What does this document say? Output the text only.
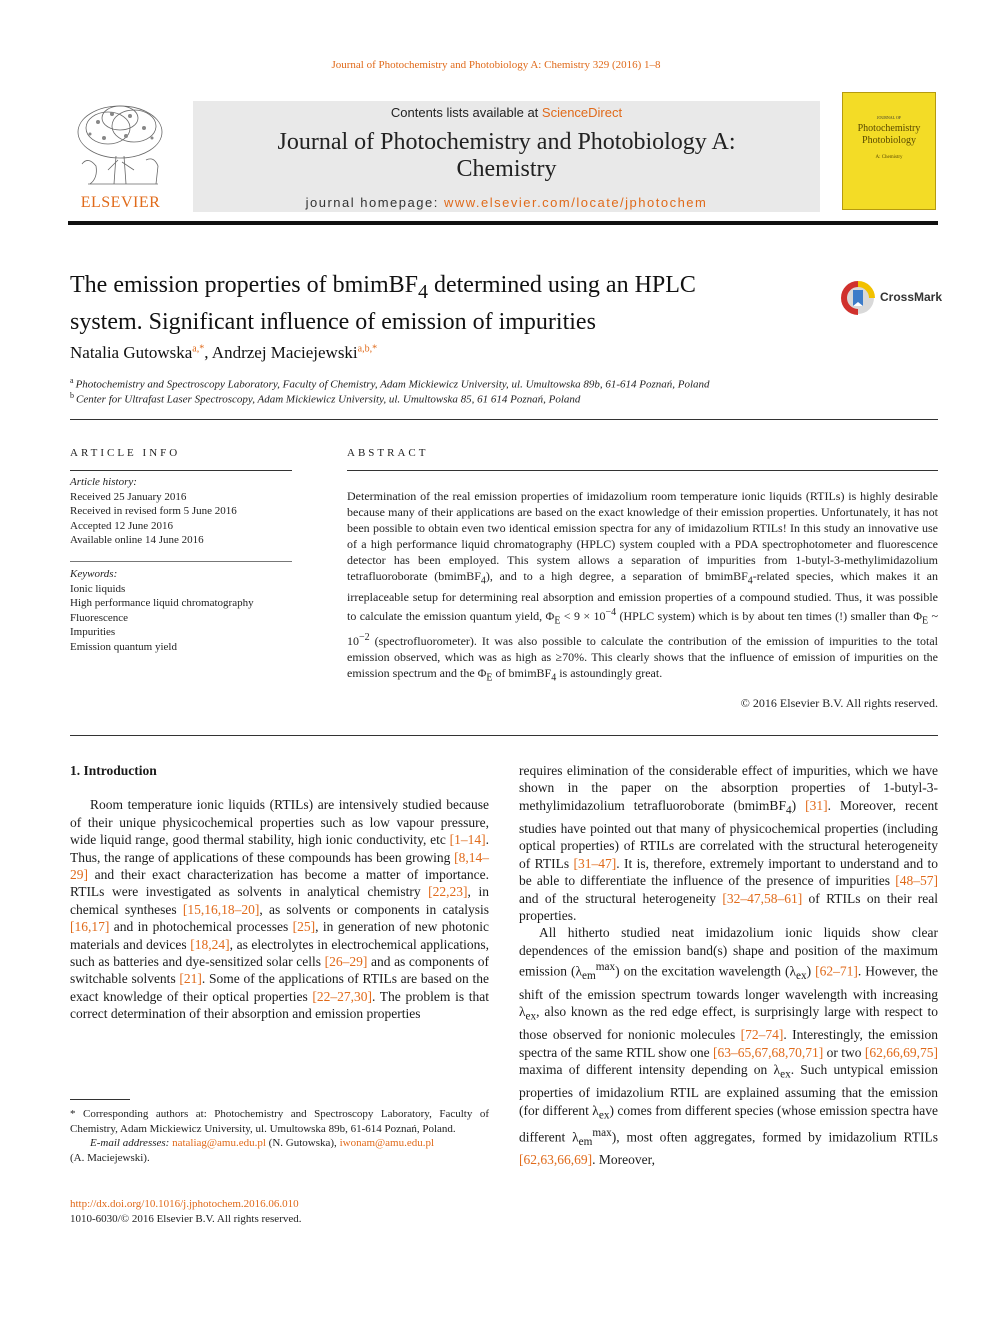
Journal of Photochemistry and Photobiology A: Chemistry 329 (2016) 1–8
ELSEVIER
Contents lists available at ScienceDirect
Journal of Photochemistry and Photobiology A:
Chemistry
journal homepage: www.elsevier.com/locate/jphotochem
JOURNAL OF
Photochemistry
Photobiology
A: Chemistry
The emission properties of bmimBF$_4$ determined using an HPLC
system. Significant influence of emission of impurities
CrossMark
Natalia Gutowska$^{a,*}$, Andrzej Maciejewski$^{a,b,*}$
$^a$ Photochemistry and Spectroscopy Laboratory, Faculty of Chemistry, Adam Mickiewicz University, ul. Umultowska 89b, 61-614 Poznań, Poland
$^b$ Center for Ultrafast Laser Spectroscopy, Adam Mickiewicz University, ul. Umultowska 85, 61 614 Poznań, Poland
ARTICLE INFO
Article history:
Received 25 January 2016
Received in revised form 5 June 2016
Accepted 12 June 2016
Available online 14 June 2016
Keywords:
Ionic liquids
High performance liquid chromatography
Fluorescence
Impurities
Emission quantum yield
ABSTRACT
Determination of the real emission properties of imidazolium room temperature ionic liquids (RTILs) is highly desirable because many of their applications are based on the exact knowledge of their emission properties. Unfortunately, it has not been possible to obtain even two identical emission spectra for any of imidazolium RTILs! In this study an innovative use of a high performance liquid chromatography (HPLC) system coupled with a PDA spectrophotometer and fluorescence detector has been employed. This system allows a separation of impurities from 1-butyl-3-methylimidazolium tetrafluoroborate (bmimBF$_4$), and to a high degree, a separation of bmimBF$_4$-related species, which makes it an irreplaceable setup for determining real absorption and emission properties of a compound studied. Thus, it was possible to calculate the emission quantum yield, $\Phi_E < 9 \times 10^{-4}$ (HPLC system) which is by about ten times (!) smaller than $\Phi_E$ ~ $10^{-2}$ (spectrofluorometer). It was also possible to calculate the contribution of the emission of impurities to the total emission observed, which was as high as ≥70%. This clearly shows that the influence of emission of impurities on the emission spectrum and the $\Phi_E$ of bmimBF$_4$ is astoundingly great.
© 2016 Elsevier B.V. All rights reserved.

1. Introduction

Room temperature ionic liquids (RTILs) are intensively studied because of their unique physicochemical properties such as low vapour pressure, wide liquid range, good thermal stability, high ionic conductivity, etc [1–14]. Thus, the range of applications of these compounds has been growing [8,14–29] and their exact characterization has become a matter of importance. RTILs were investigated as solvents in analytical chemistry [22,23], in chemical syntheses [15,16,18–20], as solvents or components in catalysis [16,17] and in photochemical processes [25], in generation of new photonic materials and devices [18,24], as electrolytes in electrochemical applications, such as batteries and dye-sensitized solar cells [26–29] and as components of switchable solvents [21]. Some of the applications of RTILs are based on the exact knowledge of their optical properties [22–27,30]. The problem is that correct determination of their absorption and emission properties

requires elimination of the considerable effect of impurities, which we have shown in the paper on the absorption properties of 1-butyl-3-methylimidazolium tetrafluoroborate (bmimBF$_4$) [31]. Moreover, recent studies have pointed out that many of physicochemical properties (including optical properties) of RTILs are correlated with the structural heterogeneity of RTILs [31–47]. It is, therefore, extremely important to understand and to be able to differentiate the influence of the presence of impurities [48–57] and of the structural heterogeneity [32–47,58–61] of RTILs on their real properties.

All hitherto studied neat imidazolium ionic liquids show clear dependences of the emission band(s) shape and position of the maximum emission $(\lambda_{em}^{max})$ on the excitation wavelength $(\lambda_{ex})$ [62–71]. However, the shift of the emission spectrum towards longer wavelength with increasing $\lambda_{ex}$, also known as the red edge effect, is surprisingly large with respect to those observed for nonionic molecules [72–74]. Interestingly, the emission spectra of the same RTIL show one [63–65,67,68,70,71] or two [62,66,69,75] maxima of different intensity depending on $\lambda_{ex}$. Such untypical emission properties of imidazolium RTIL are explained assuming that the emission (for different $\lambda_{ex}$) comes from different species (whose emission spectra have different $\lambda_{em}^{max}$), most often aggregates, formed by imidazolium RTILs [62,63,66,69]. Moreover,

* Corresponding authors at: Photochemistry and Spectroscopy Laboratory, Faculty of Chemistry, Adam Mickiewicz University, ul. Umultowska 89b, 61-614 Poznań, Poland.
E-mail addresses: nataliag@amu.edu.pl (N. Gutowska), iwonam@amu.edu.pl
(A. Maciejewski).
http://dx.doi.org/10.1016/j.jphotochem.2016.06.010
1010-6030/© 2016 Elsevier B.V. All rights reserved.
